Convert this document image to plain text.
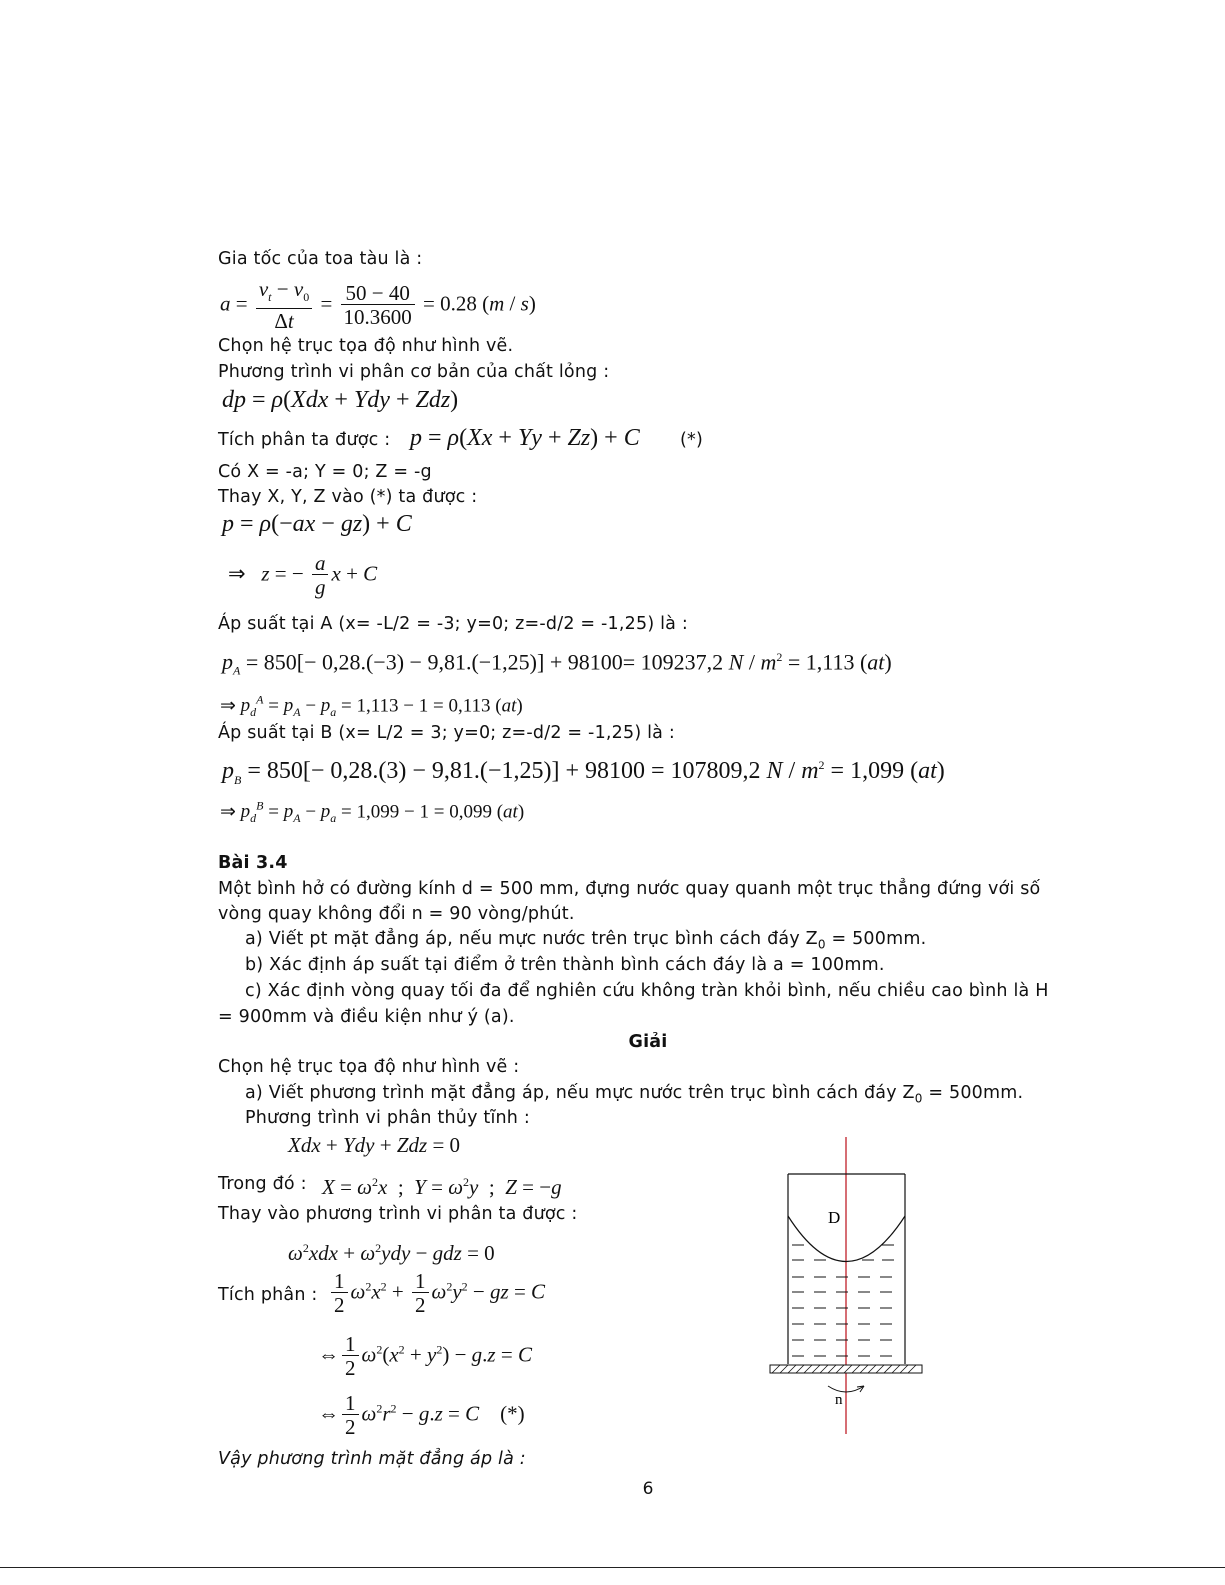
Gia tốc của toa tàu là :
$a = \frac{v_t - v_0}{\Delta t} = \frac{50 - 40}{10.3600} = 0.28$ (m / s)
Chọn hệ trục tọa độ như hình vẽ.
Phương trình vi phân cơ bản của chất lỏng :
dp = ρ(Xdx + Ydy + Zdz)
Tích phân ta được : p = ρ(Xx + Yy + Zz) + C (*)
Có X = -a; Y = 0; Z = -g
Thay X, Y, Z vào (*) ta được :
p = ρ(−ax − gz) + C
⇒   z = − $\frac{a}{g}$ x + C
Áp suất tại A (x= -L/2 = -3; y=0; z=-d/2 = -1,25) là :
$p_A = 850[- 0,28.(-3) - 9,81.(-1,25)] + 98100= 109237,2$ $N / m^2 = 1,113$ (at)
⇒ $p_d^A = p_A - p_a = 1,113 - 1 = 0,113$ (at)
Áp suất tại B (x= L/2 = 3; y=0; z=-d/2 = -1,25) là :
$p_B = 850[- 0,28.(3) - 9,81.(-1,25)] + 98100 = 107809,2$ $N / m^2 = 1,099$ (at)
⇒ $p_d^B = p_A - p_a = 1,099 - 1 = 0,099$ (at)
Bài 3.4
Một bình hở có đường kính d = 500 mm, đựng nước quay quanh một trục thẳng đứng với số vòng quay không đổi n = 90 vòng/phút.
a) Viết pt mặt đẳng áp, nếu mực nước trên trục bình cách đáy $Z_0 = 500mm$.
b) Xác định áp suất tại điểm ở trên thành bình cách đáy là a = 100mm.
c) Xác định vòng quay tối đa để nghiên cứu không tràn khỏi bình, nếu chiều cao bình là H
= 900mm và điều kiện như ý (a).
Giải
Chọn hệ trục tọa độ như hình vẽ :
a) Viết phương trình mặt đẳng áp, nếu mực nước trên trục bình cách đáy $Z_0 = 500mm$.
Phương trình vi phân thủy tĩnh :
Xdx + Ydy + Zdz = 0
Trong đó : $X = \omega^2x$  ;  $Y = \omega^2y$  ;  Z = −g
Thay vào phương trình vi phân ta được :
$\omega^2xdx + \omega^2ydy$ − gdz = 0
Tích phân : $\frac{1}{2} \omega^2x^2 + \frac{1}{2} \omega^2y^2$ − gz = C
⇔ $\frac{1}{2} \omega^2(x^2 + y^2) - g.z = C$
⇔ $\frac{1}{2} \omega^2r^2 - g.z = C$    (*)
Vậy phương trình mặt đẳng áp là :
D
n
6
